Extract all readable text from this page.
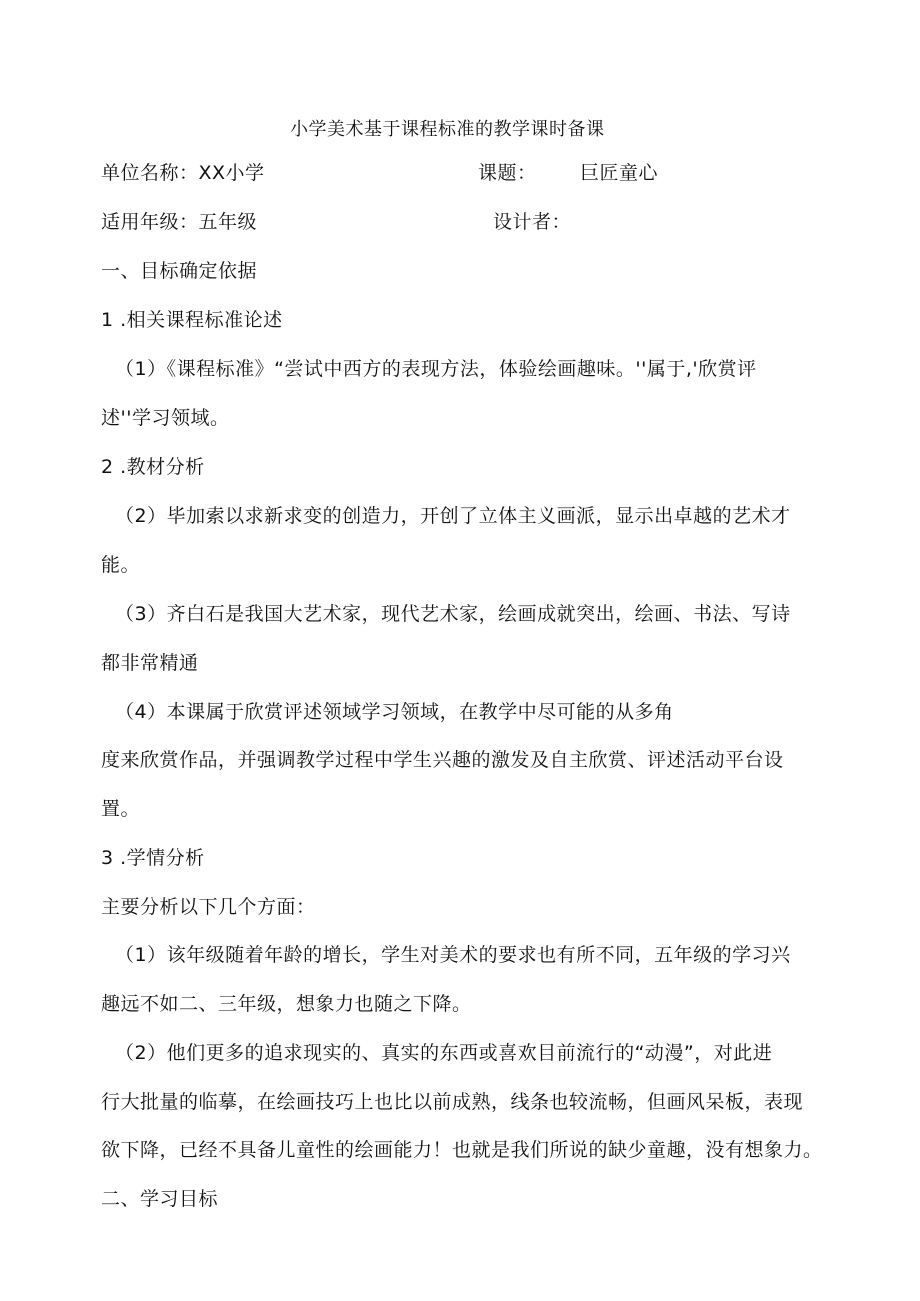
小学美术基于课程标准的教学课时备课
单位名称：XX小学	课题： 巨匠童心
适用年级：五年级	设计者：
一、目标确定依据
1 .相关课程标准论述
（1）《课程标准》“尝试中西方的表现方法，体验绘画趣味。''属于,'欣赏评
述''学习领域。
2 .教材分析
（2）毕加索以求新求变的创造力，开创了立体主义画派，显示出卓越的艺术才
能。
（3）齐白石是我国大艺术家，现代艺术家，绘画成就突出，绘画、书法、写诗
都非常精通
（4）本课属于欣赏评述领域学习领域，在教学中尽可能的从多角
度来欣赏作品，并强调教学过程中学生兴趣的激发及自主欣赏、评述活动平台设
置。
3 .学情分析
主要分析以下几个方面：
（1）该年级随着年龄的增长，学生对美术的要求也有所不同，五年级的学习兴
趣远不如二、三年级，想象力也随之下降。
（2）他们更多的追求现实的、真实的东西或喜欢目前流行的“动漫”，对此进
行大批量的临摹，在绘画技巧上也比以前成熟，线条也较流畅，但画风呆板，表现
欲下降，已经不具备儿童性的绘画能力！也就是我们所说的缺少童趣，没有想象力。
二、学习目标
